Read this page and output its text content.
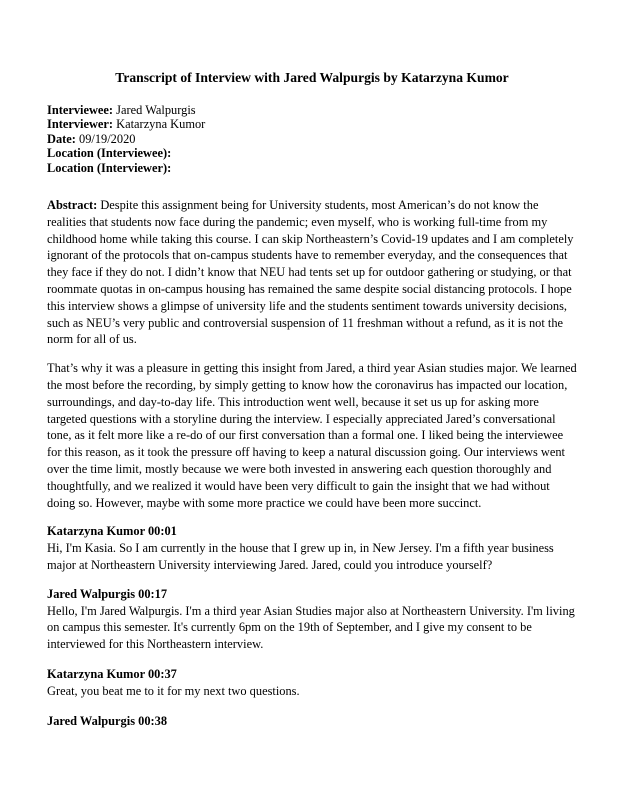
Transcript of Interview with Jared Walpurgis by Katarzyna Kumor

Interviewee: Jared Walpurgis

Interviewer: Katarzyna Kumor

Date: 09/19/2020

Location (Interviewee):

Location (Interviewer):

Abstract: Despite this assignment being for University students, most American’s do not know the realities that students now face during the pandemic; even myself, who is working full-time from my childhood home while taking this course. I can skip Northeastern’s Covid-19 updates and I am completely ignorant of the protocols that on-campus students have to remember everyday, and the consequences that they face if they do not. I didn’t know that NEU had tents set up for outdoor gathering or studying, or that roommate quotas in on-campus housing has remained the same despite social distancing protocols. I hope this interview shows a glimpse of university life and the students sentiment towards university decisions, such as NEU’s very public and controversial suspension of 11 freshman without a refund, as it is not the norm for all of us.

That’s why it was a pleasure in getting this insight from Jared, a third year Asian studies major. We learned the most before the recording, by simply getting to know how the coronavirus has impacted our location, surroundings, and day-to-day life. This introduction went well, because it set us up for asking more targeted questions with a storyline during the interview. I especially appreciated Jared’s conversational tone, as it felt more like a re-do of our first conversation than a formal one. I liked being the interviewee for this reason, as it took the pressure off having to keep a natural discussion going. Our interviews went over the time limit, mostly because we were both invested in answering each question thoroughly and thoughtfully, and we realized it would have been very difficult to gain the insight that we had without doing so. However, maybe with some more practice we could have been more succinct.

Katarzyna Kumor 00:01

Hi, I'm Kasia. So I am currently in the house that I grew up in, in New Jersey. I'm a fifth year business major at Northeastern University interviewing Jared. Jared, could you introduce yourself?

Jared Walpurgis 00:17

Hello, I'm Jared Walpurgis. I'm a third year Asian Studies major also at Northeastern University. I'm living on campus this semester. It's currently 6pm on the 19th of September, and I give my consent to be interviewed for this Northeastern interview.

Katarzyna Kumor 00:37

Great, you beat me to it for my next two questions.

Jared Walpurgis 00:38
